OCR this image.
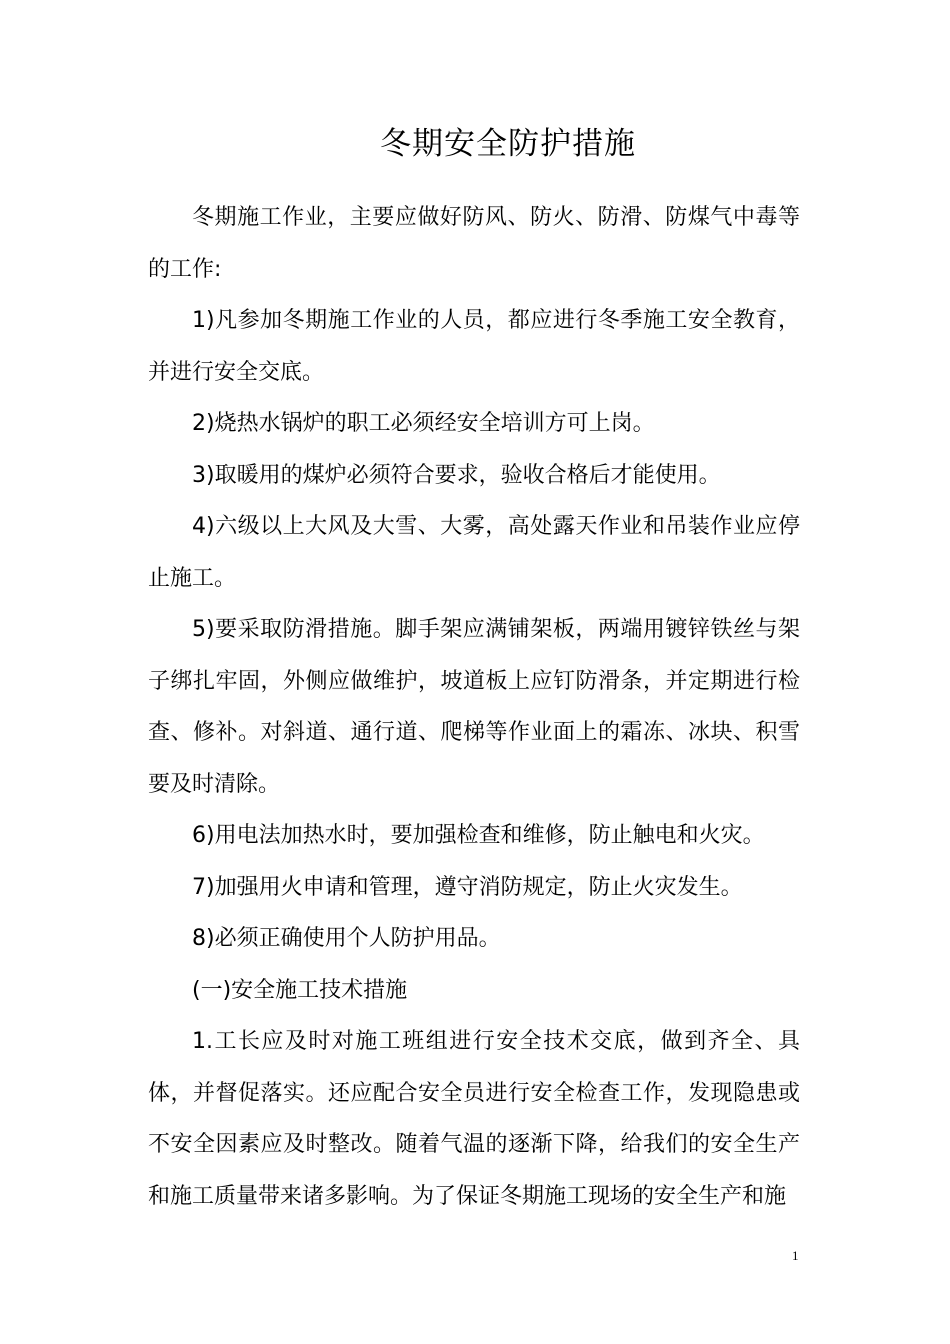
冬期安全防护措施

冬期施工作业，主要应做好防风、防火、防滑、防煤气中毒等的工作:

1)凡参加冬期施工作业的人员，都应进行冬季施工安全教育，并进行安全交底。

2)烧热水锅炉的职工必须经安全培训方可上岗。

3)取暖用的煤炉必须符合要求，验收合格后才能使用。

4)六级以上大风及大雪、大雾，高处露天作业和吊装作业应停止施工。

5)要采取防滑措施。脚手架应满铺架板，两端用镀锌铁丝与架子绑扎牢固，外侧应做维护，坡道板上应钉防滑条，并定期进行检查、修补。对斜道、通行道、爬梯等作业面上的霜冻、冰块、积雪要及时清除。

6)用电法加热水时，要加强检查和维修，防止触电和火灾。

7)加强用火申请和管理，遵守消防规定，防止火灾发生。

8)必须正确使用个人防护用品。

(一)安全施工技术措施

1.工长应及时对施工班组进行安全技术交底，做到齐全、具体，并督促落实。还应配合安全员进行安全检查工作，发现隐患或不安全因素应及时整改。随着气温的逐渐下降，给我们的安全生产和施工质量带来诸多影响。为了保证冬期施工现场的安全生产和施

1
